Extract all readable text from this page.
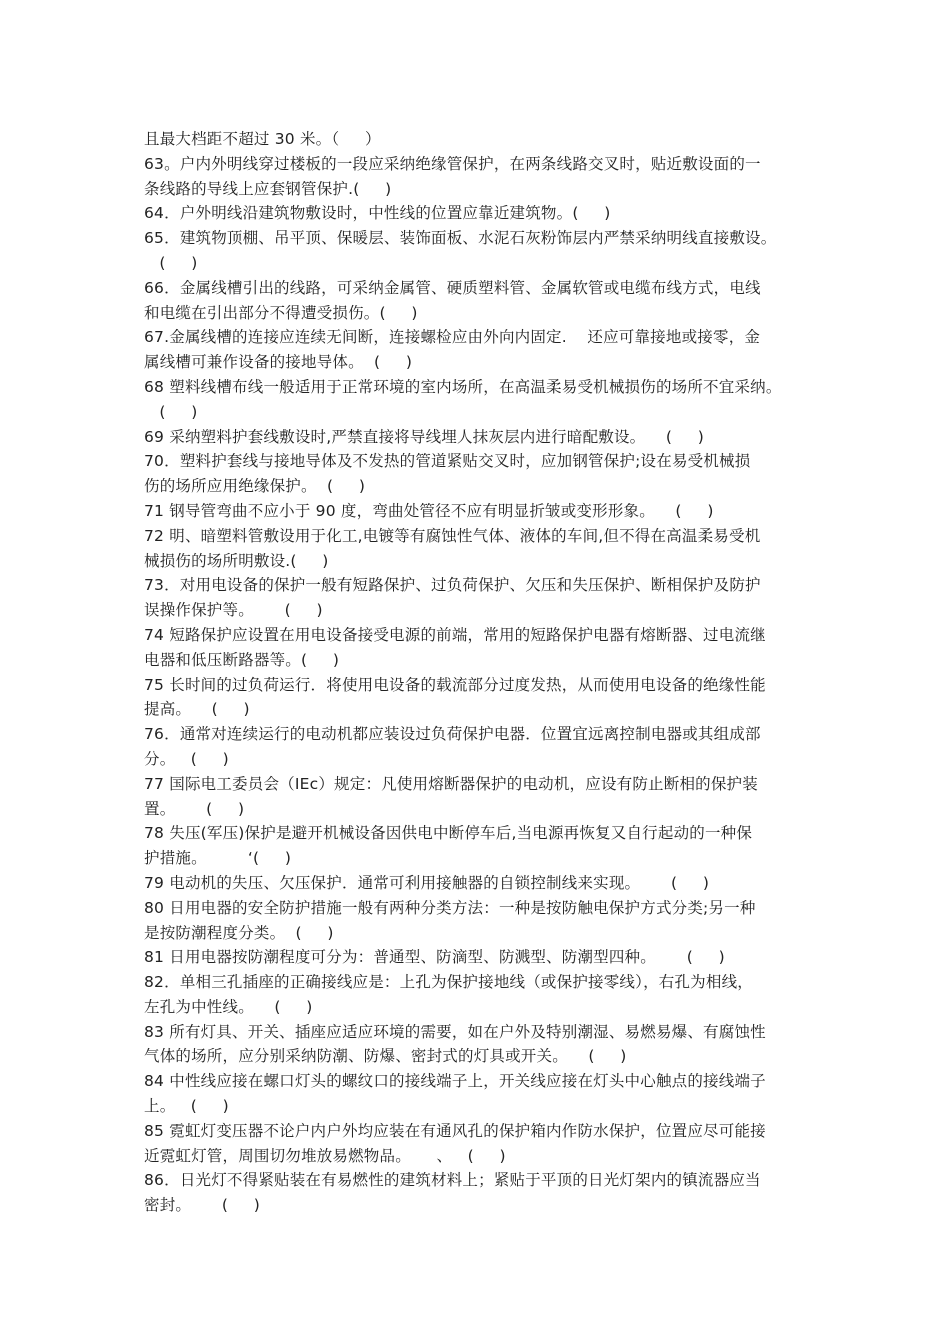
且最大档距不超过 30 米。（     ）
63。户内外明线穿过楼板的一段应采纳绝缘管保护，在两条线路交叉时，贴近敷设面的一
条线路的导线上应套钢管保护.(     )
64．户外明线沿建筑物敷设时，中性线的位置应靠近建筑物。(     )
65．建筑物顶棚、吊平顶、保暖层、装饰面板、水泥石灰粉饰层内严禁采纳明线直接敷设。
(     )
66．金属线槽引出的线路，可采纳金属管、硬质塑料管、金属软管或电缆布线方式，电线
和电缆在引出部分不得遭受损伤。(     )
67.金属线槽的连接应连续无间断，连接螺检应由外向内固定.    还应可靠接地或接零，金
属线槽可兼作设备的接地导体。  (     )
68 塑料线槽布线一般适用于正常环境的室内场所，在高温柔易受机械损伤的场所不宜采纳。
(     )
69 采纳塑料护套线敷设时,严禁直接将导线埋人抹灰层内进行暗配敷设。    (     )
70．塑料护套线与接地导体及不发热的管道紧贴交叉时，应加钢管保护;设在易受机械损
伤的场所应用绝缘保护。  (     )
71 钢导管弯曲不应小于 90 度，弯曲处管径不应有明显折皱或变形形象。    (     )
72 明、暗塑料管敷设用于化工,电镀等有腐蚀性气体、液体的车间,但不得在高温柔易受机
械损伤的场所明敷设.(     )
73．对用电设备的保护一般有短路保护、过负荷保护、欠压和失压保护、断相保护及防护
误操作保护等。      (     )
74 短路保护应设置在用电设备接受电源的前端，常用的短路保护电器有熔断器、过电流继
电器和低压断路器等。(     )
75 长时间的过负荷运行．将使用电设备的载流部分过度发热，从而使用电设备的绝缘性能
提高。    (     )
76．通常对连续运行的电动机都应装设过负荷保护电器．位置宜远离控制电器或其组成部
分。   (     )
77 国际电工委员会（IEc）规定：凡使用熔断器保护的电动机，应设有防止断相的保护装
置。      (     )
78 失压(军压)保护是避开机械设备因供电中断停车后,当电源再恢复又自行起动的一种保
护措施。        ‘(     )
79 电动机的失压、欠压保护．通常可利用接触器的自锁控制线来实现。      (     )
80 日用电器的安全防护措施一般有两种分类方法：一种是按防触电保护方式分类;另一种
是按防潮程度分类。  (     )
81 日用电器按防潮程度可分为：普通型、防滴型、防溅型、防潮型四种。      (     )
82．单相三孔插座的正确接线应是：上孔为保护接地线（或保护接零线），右孔为相线，
左孔为中性线。    (     )
83 所有灯具、开关、插座应适应环境的需要，如在户外及特别潮湿、易燃易爆、有腐蚀性
气体的场所，应分别采纳防潮、防爆、密封式的灯具或开关。    (     )
84 中性线应接在螺口灯头的螺纹口的接线端子上，开关线应接在灯头中心触点的接线端子
上。   (     )
85 霓虹灯变压器不论户内户外均应装在有通风孔的保护箱内作防水保护，位置应尽可能接
近霓虹灯管，周围切勿堆放易燃物品。     、   (     )
86．日光灯不得紧贴装在有易燃性的建筑材料上；紧贴于平顶的日光灯架内的镇流器应当
密封。      (     )
